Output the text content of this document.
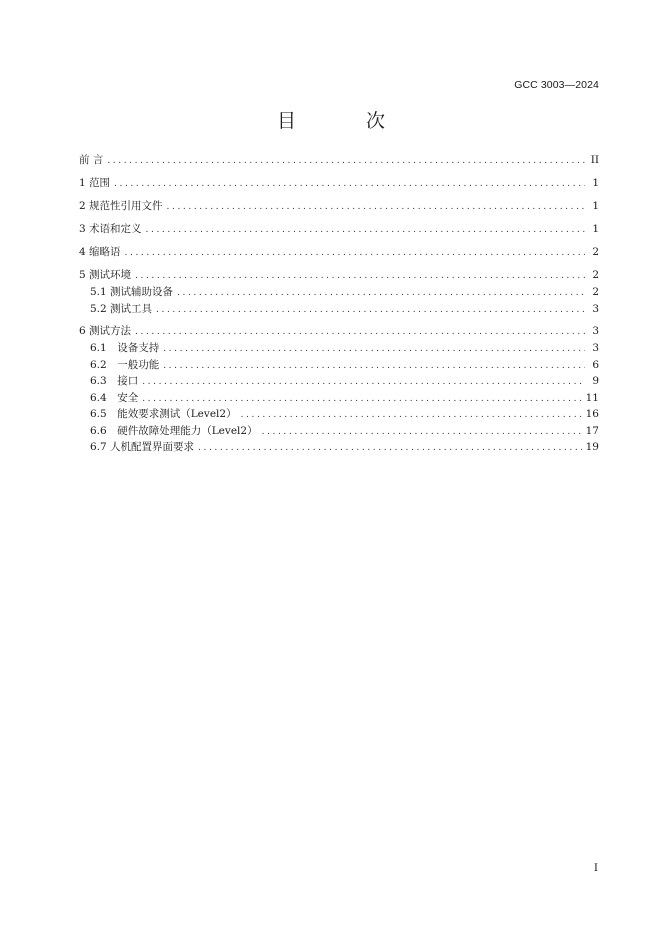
GCC 3003—2024
目 次
前 言 .....	II
1 范围 .....	1
2 规范性引用文件 .....	1
3 术语和定义 .....	1
4 缩略语 .....	2
5 测试环境 .....	2
5.1 测试辅助设备 .....	2
5.2 测试工具 .....	3
6 测试方法 .....	3
6.1　设备支持 .....	3
6.2　一般功能 .....	6
6.3　接口 .....	9
6.4　安全 .....	11
6.5　能效要求测试（Level2） .....	16
6.6　硬件故障处理能力（Level2） .....	17
6.7 人机配置界面要求 .....	19
I
